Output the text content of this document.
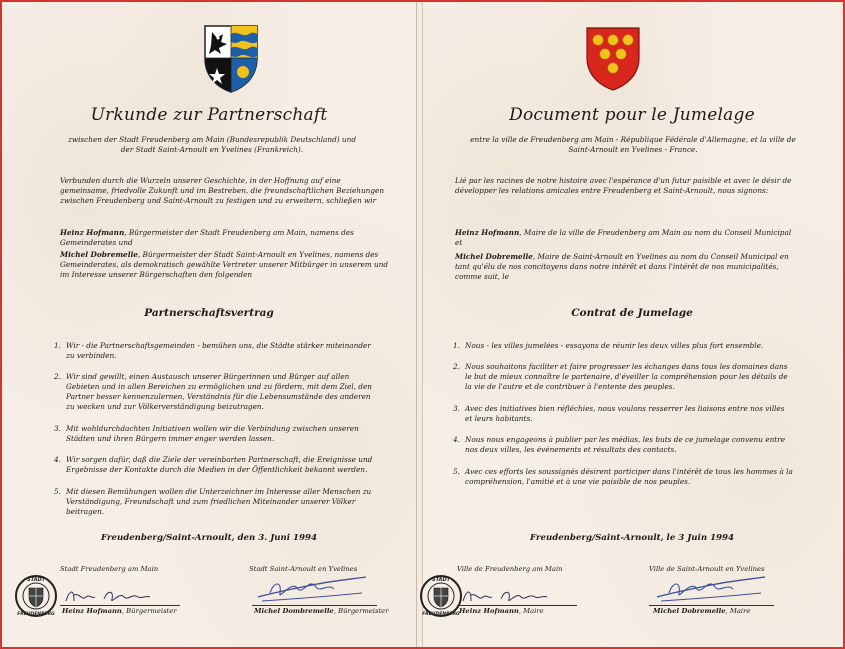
Urkunde zur Partnerschaft
zwischen der Stadt Freudenberg am Main (Bundesrepublik Deutschland) und der Stadt Saint-Arnoult en Yvelines (Frankreich).

Verbunden durch die Wurzeln unserer Geschichte, in der Hoffnung auf eine gemeinsame, friedvolle Zukunft und im Bestreben, die freundschaftlichen Beziehungen zwischen Freudenberg und Saint-Arnoult zu festigen und zu erweitern, schließen wir

Heinz Hofmann, Bürgermeister der Stadt Freudenberg am Main, namens des Gemeinderates und

Michel Dobremelle, Bürgermeister der Stadt Saint-Arnoult en Yvelines, namens des Gemeinderates, als demokratisch gewählte Vertreter unserer Mitbürger in unserem und im Interesse unserer Bürgerschaften den folgenden

Partnerschaftsvertrag

1. Wir - die Partnerschaftsgemeinden - bemühen uns, die Städte stärker miteinander zu verbinden.

2. Wir sind gewillt, einen Austausch unserer Bürgerinnen und Bürger auf allen Gebieten und in allen Bereichen zu ermöglichen und zu fördern, mit dem Ziel, den Partner besser kennenzulernen, Verständnis für die Lebensumstände des anderen zu wecken und zur Völkerverständigung beizutragen.

3. Mit wohldurchdachten Initiativen wollen wir die Verbindung zwischen unseren Städten und ihren Bürgern immer enger werden lassen.

4. Wir sorgen dafür, daß die Ziele der vereinbarten Partnerschaft, die Ereignisse und Ergebnisse der Kontakte durch die Medien in der Öffentlichkeit bekannt werden.

5. Mit diesen Bemühungen wollen die Unterzeichner im Interesse aller Menschen zu Verständigung, Freundschaft und zum friedlichen Miteinander unserer Völker beitragen.

Freudenberg/Saint-Arnoult, den 3. Juni 1994
Stadt Freudenberg am Main	Stadt Saint-Arnoult en Yvelines
STADT
FREUDENBERG Heinz Hofmann, Bürgermeister	Michel Dombremelle, Bürgermeister
Document pour le Jumelage
entre la ville de Freudenberg am Main - République Fédérale d'Allemagne, et la ville de Saint-Arnoult en Yvelines - France.

Lié par les racines de notre histoire avec l'espérance d'un futur paisible et avec le désir de développer les relations amicales entre Freudenberg et Saint-Arnoult, nous signons:

Heinz Hofmann, Maire de la ville de Freudenberg am Main au nom du Conseil Municipal et

Michel Dobremelle, Maire de Saint-Arnoult en Yvelines au nom du Conseil Municipal en tant qu'élu de nos concitoyens dans notre intérêt et dans l'intérêt de nos municipalités, comme suit, le

Contrat de Jumelage

1. Nous - les villes jumelées - essayons de réunir les deux villes plus fort ensemble.

2. Nous souhaitons faciliter et faire progresser les échanges dans tous les domaines dans le but de mieux connaître le partenaire, d'éveiller la compréhension pour les détails de la vie de l'autre et de contribuer à l'entente des peuples.

3. Avec des initiatives bien réfléchies, nous voulons resserrer les liaisons entre nos villes et leurs habitants.

4. Nous nous engageons à publier par les médias, les buts de ce jumelage convenu entre nos deux villes, les événements et résultats des contacts.

5. Avec ces efforts les soussignés désirent participer dans l'intérêt de tous les hommes à la compréhension, l'amitié et à une vie paisible de nos peuples.

Freudenberg/Saint-Arnoult, le 3 Juin 1994
Ville de Freudenberg am Main	Ville de Saint-Arnoult en Yvelines
STADT
FREUDENBERG Heinz Hofmann, Maire	Michel Dobremelle, Maire
